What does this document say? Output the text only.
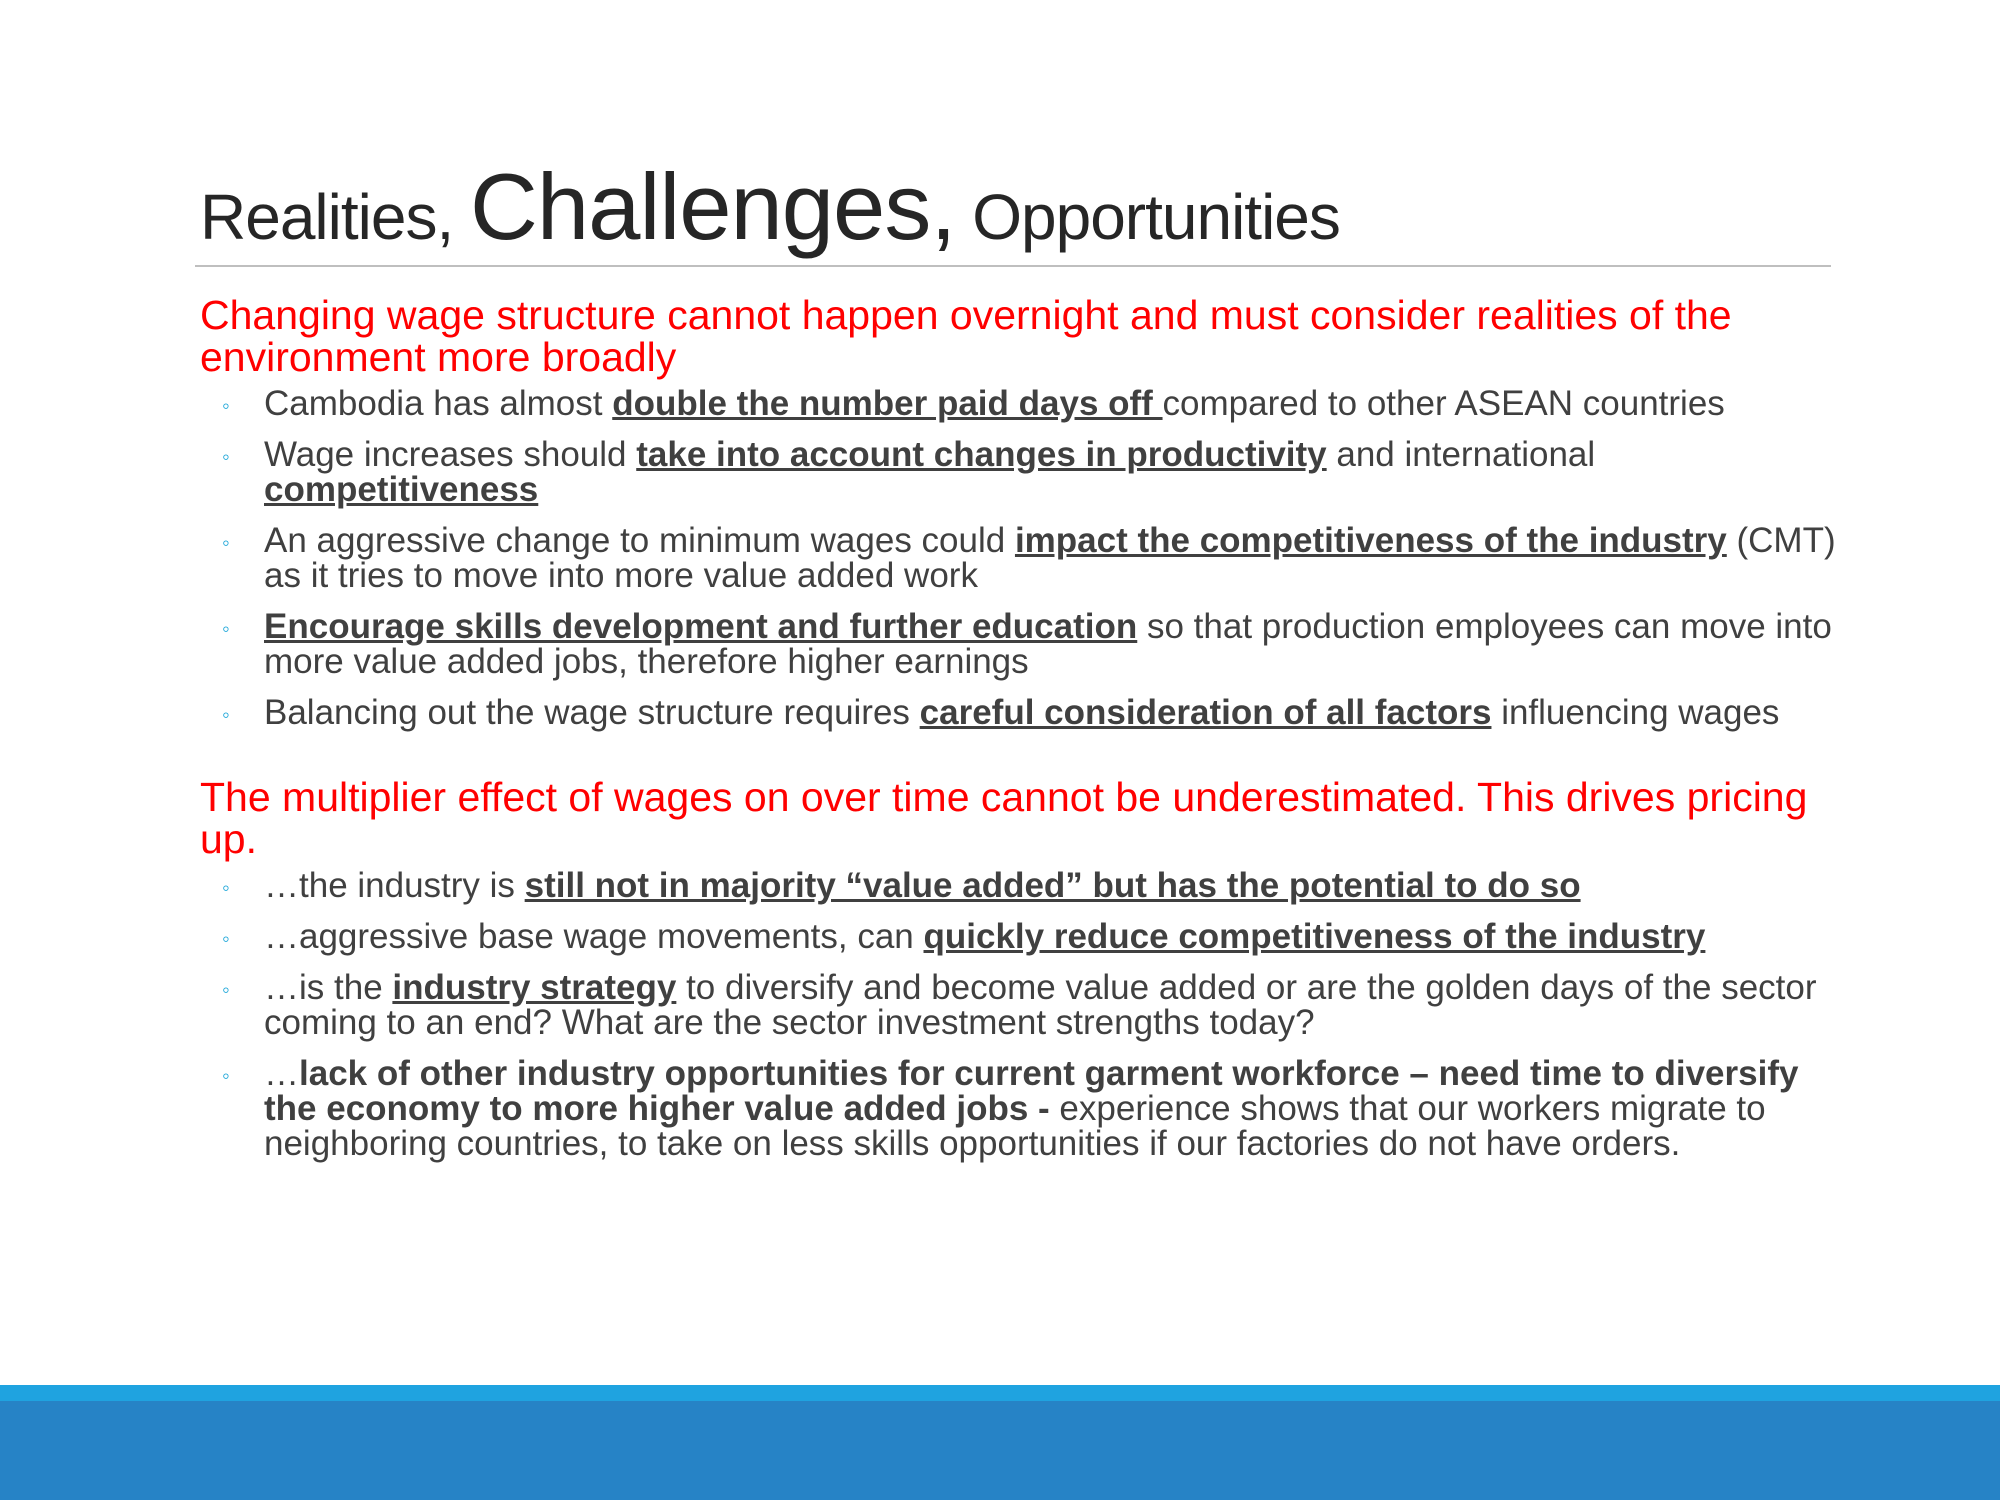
Realities, Challenges, Opportunities

Changing wage structure cannot happen overnight and must consider realities of the environment more broadly

◦ Cambodia has almost double the number paid days off compared to other ASEAN countries
◦ Wage increases should take into account changes in productivity and international competitiveness
◦ An aggressive change to minimum wages could impact the competitiveness of the industry (CMT) as it tries to move into more value added work
◦ Encourage skills development and further education so that production employees can move into more value added jobs, therefore higher earnings
◦ Balancing out the wage structure requires careful consideration of all factors influencing wages

The multiplier effect of wages on over time cannot be underestimated. This drives pricing up.

◦ …the industry is still not in majority “value added” but has the potential to do so
◦ …aggressive base wage movements, can quickly reduce competitiveness of the industry
◦ …is the industry strategy to diversify and become value added or are the golden days of the sector coming to an end? What are the sector investment strengths today?
◦ …lack of other industry opportunities for current garment workforce – need time to diversify the economy to more higher value added jobs - experience shows that our workers migrate to neighboring countries, to take on less skills opportunities if our factories do not have orders.
